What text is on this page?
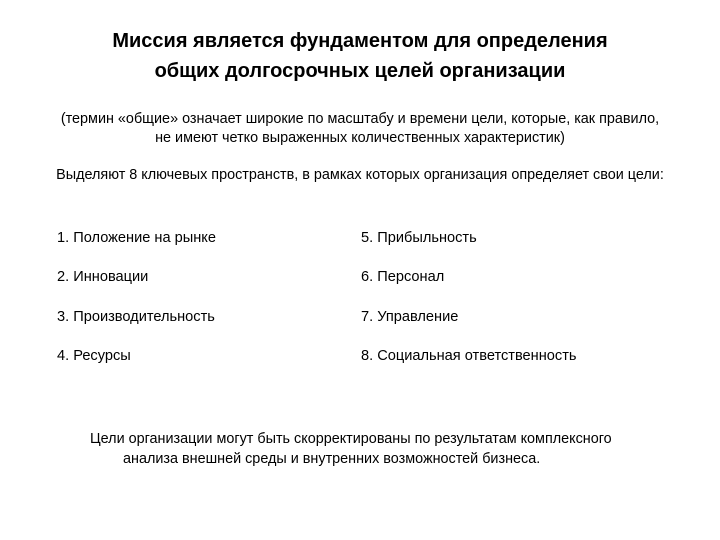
Миссия является фундаментом для определения
общих долгосрочных целей организации
(термин «общие» означает широкие по масштабу и времени цели, которые, как правило,
не имеют четко выраженных количественных характеристик)
Выделяют 8 ключевых пространств, в рамках которых организация определяет свои цели:
1. Положение на рынке
2. Инновации
3. Производительность
4. Ресурсы
5. Прибыльность
6. Персонал
7. Управление
8. Социальная ответственность
Цели организации могут быть скорректированы по результатам комплексного
анализа внешней среды и внутренних возможностей бизнеса.
